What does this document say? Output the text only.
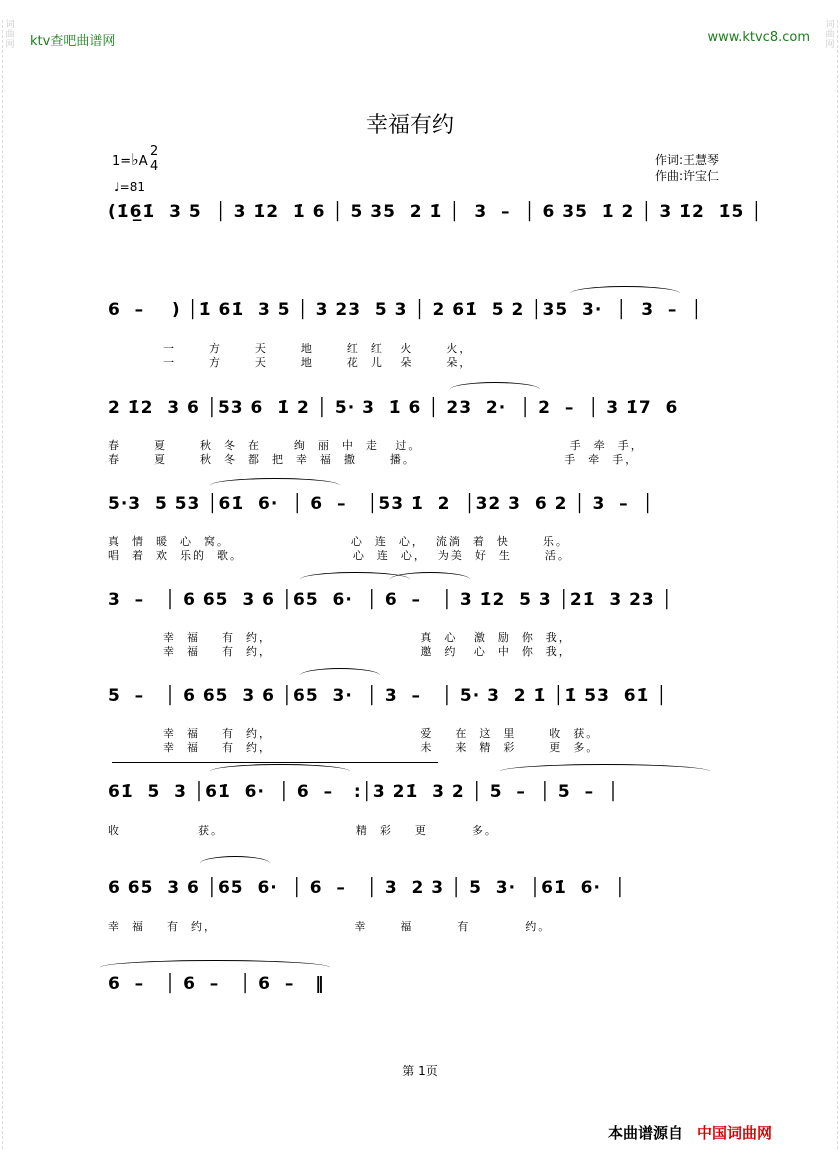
词曲网
词曲网
ktv查吧曲谱网	www.ktvc8.com
幸福有约
1=♭A
2
4
♩=81
作词:王慧琴
作曲:许宝仁
(1̇6̲1̇  3 5  │ 3 1̇2  1̇ 6 │ 5 35  2 1̇ │  3  –  │ 6 35  1̇ 2 │ 3 1̇2  1̇5 │
6  –    ) │1̇ 61̇  3 5 │ 3 23  5 3 │ 2 61̇  5 2 │35  3·  │  3  –  │
一      方      天      地      红  红   火      火，
一      方      天      地      花  儿   朵      朵，
2 1̇2  3 6 │53 6  1̇ 2 │ 5· 3  1̇ 6 │ 23  2·  │ 2  –  │ 3 1̇7  6
春      夏      秋  冬  在      绚  丽  中  走   过。                           手  牵  手，
春      夏      秋  冬  都  把  幸  福  撒      播。                           手  牵  手，
5·3  5 53 │61̇  6·  │ 6  –   │53 1̇  2  │32 3  6 2 │ 3  –  │
真  情  暖  心  窝。                      心  连  心，  流淌  着  快      乐。
唱  着  欢  乐的  歌。                    心  连  心，  为美  好  生      活。
3  –   │ 6 65  3 6 │65  6·  │ 6  –   │ 3 1̇2  5 3 │21̇  3 23 │
幸  福    有  约，                           真  心   激  励  你  我，
幸  福    有  约，                           邀  约   心  中  你  我，
5  –   │ 6 65  3 6 │65  3·  │ 3  –   │ 5· 3  2 1̇ │1̇ 53  61̇ │
幸  福    有  约，                           爱    在  这  里      收  获。
幸  福    有  约，                           未    来  精  彩      更  多。
61̇  5  3 │61̇  6·  │ 6  –   :│3 21̇  3 2 │ 5  –  │ 5  –  │
收              获。                        精  彩    更        多。
6 65  3 6 │65  6·  │ 6  –   │ 3  2 3 │ 5  3·  │61̇  6·  │
幸  福    有  约，                         幸      福        有          约。
6  –   │ 6  –   │ 6  –   ‖
第 1页
本曲谱源自 中国词曲网
